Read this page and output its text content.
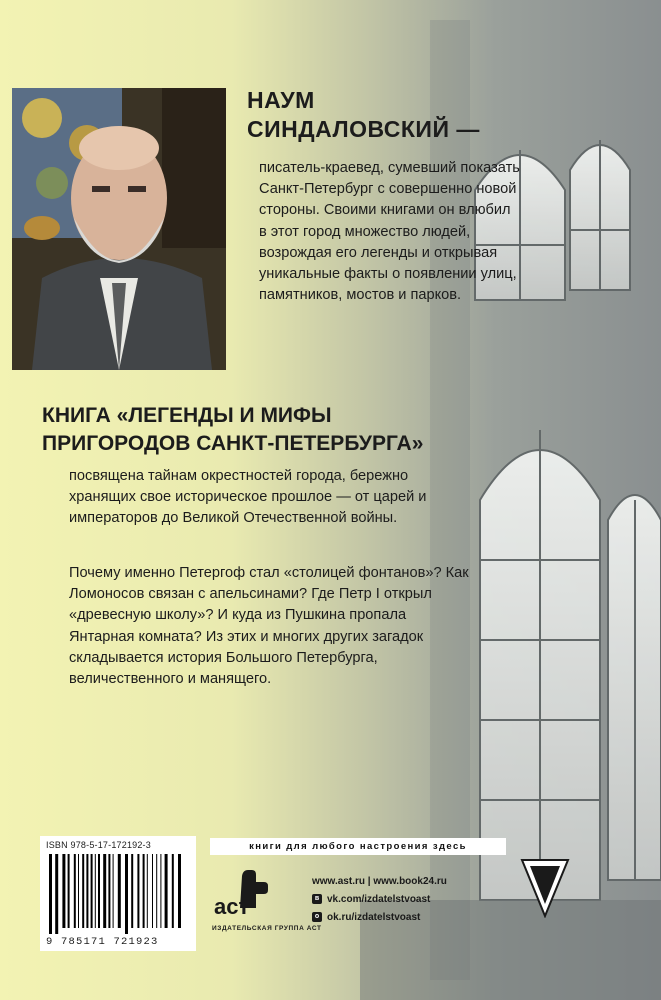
НАУМ
СИНДАЛОВСКИЙ —

писатель-краевед, сумевший показать Санкт-Петербург с совершенно новой стороны. Своими книгами он влюбил в этот город множество людей, возрождая его легенды и открывая уникальные факты о появлении улиц, памятников, мостов и парков.

КНИГА «ЛЕГЕНДЫ И МИФЫ
ПРИГОРОДОВ САНКТ-ПЕТЕРБУРГА»

посвящена тайнам окрестностей города, бережно хранящих свое историческое прошлое — от царей и императоров до Великой Отечественной войны.

Почему именно Петергоф стал «столицей фонтанов»? Как Ломоносов связан с апельсинами? Где Петр I открыл «древесную школу»? И куда из Пушкина пропала Янтарная комната? Из этих и многих других загадок складывается история Большого Петербурга, величественного и манящего.

ISBN 978-5-17-172192-3
9 785171 721923
книги для любого настроения здесь
аст
ИЗДАТЕЛЬСКАЯ ГРУППА АСТ
www.ast.ru | www.book24.ru
в vk.com/izdatelstvoast
о ok.ru/izdatelstvoast
